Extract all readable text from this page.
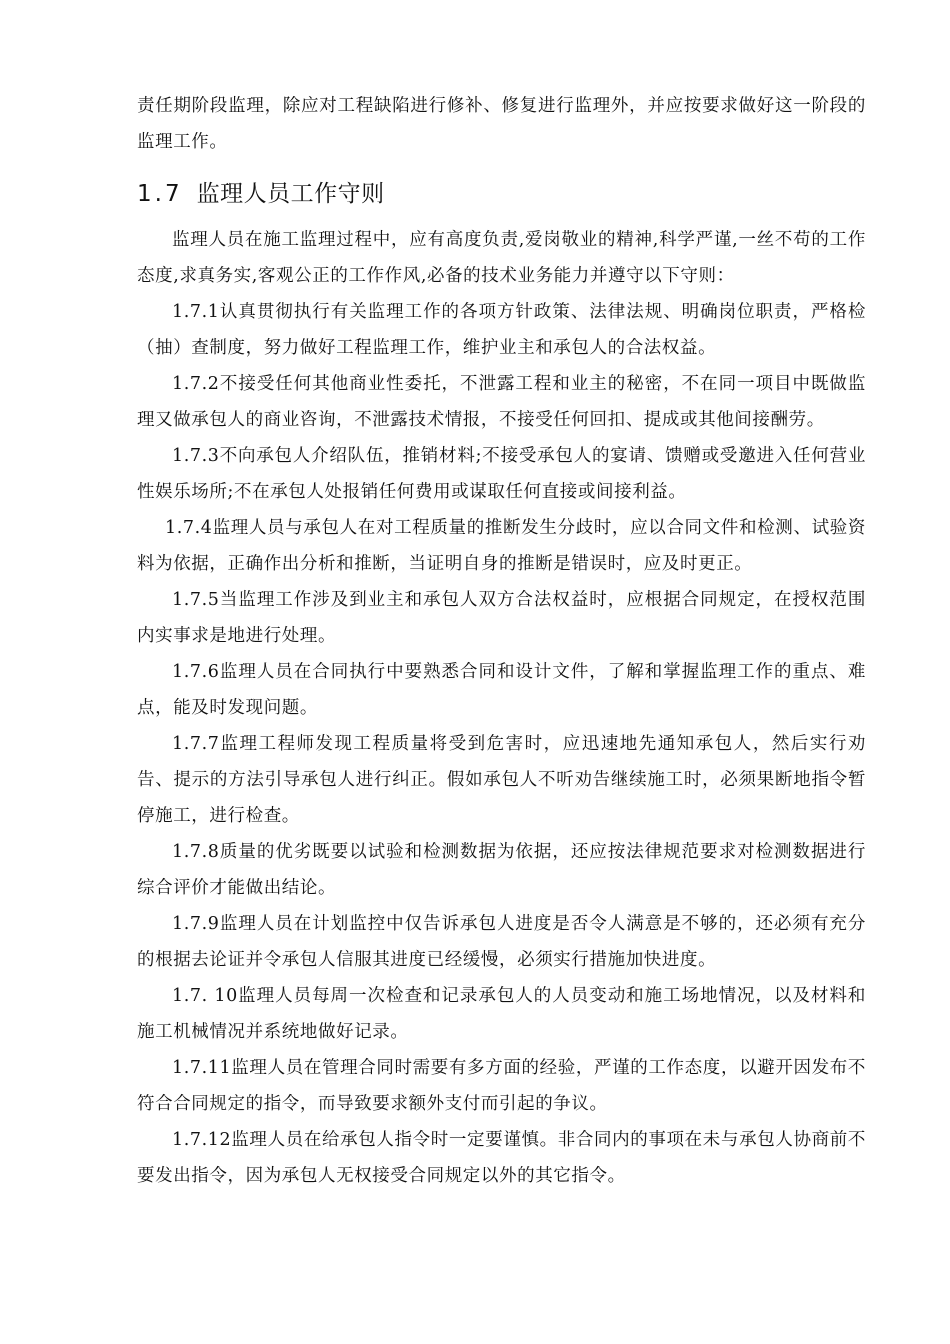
责任期阶段监理，除应对工程缺陷进行修补、修复进行监理外，并应按要求做好这一阶段的监理工作。

1.7 监理人员工作守则

监理人员在施工监理过程中，应有高度负责,爱岗敬业的精神,科学严谨,一丝不苟的工作态度,求真务实,客观公正的工作作风,必备的技术业务能力并遵守以下守则：

1.7.1认真贯彻执行有关监理工作的各项方针政策、法律法规、明确岗位职责，严格检（抽）查制度，努力做好工程监理工作，维护业主和承包人的合法权益。

1.7.2不接受任何其他商业性委托，不泄露工程和业主的秘密，不在同一项目中既做监理又做承包人的商业咨询，不泄露技术情报，不接受任何回扣、提成或其他间接酬劳。

1.7.3不向承包人介绍队伍，推销材料;不接受承包人的宴请、馈赠或受邀进入任何营业性娱乐场所;不在承包人处报销任何费用或谋取任何直接或间接利益。

1.7.4监理人员与承包人在对工程质量的推断发生分歧时，应以合同文件和检测、试验资料为依据，正确作出分析和推断，当证明自身的推断是错误时，应及时更正。

1.7.5当监理工作涉及到业主和承包人双方合法权益时，应根据合同规定，在授权范围内实事求是地进行处理。

1.7.6监理人员在合同执行中要熟悉合同和设计文件，了解和掌握监理工作的重点、难点，能及时发现问题。

1.7.7监理工程师发现工程质量将受到危害时，应迅速地先通知承包人，然后实行劝告、提示的方法引导承包人进行纠正。假如承包人不听劝告继续施工时，必须果断地指令暂停施工，进行检查。

1.7.8质量的优劣既要以试验和检测数据为依据，还应按法律规范要求对检测数据进行综合评价才能做出结论。

1.7.9监理人员在计划监控中仅告诉承包人进度是否令人满意是不够的，还必须有充分的根据去论证并令承包人信服其进度已经缓慢，必须实行措施加快进度。

1.7. 10监理人员每周一次检查和记录承包人的人员变动和施工场地情况，以及材料和施工机械情况并系统地做好记录。

1.7.11监理人员在管理合同时需要有多方面的经验，严谨的工作态度，以避开因发布不符合合同规定的指令，而导致要求额外支付而引起的争议。

1.7.12监理人员在给承包人指令时一定要谨慎。非合同内的事项在未与承包人协商前不要发出指令，因为承包人无权接受合同规定以外的其它指令。
